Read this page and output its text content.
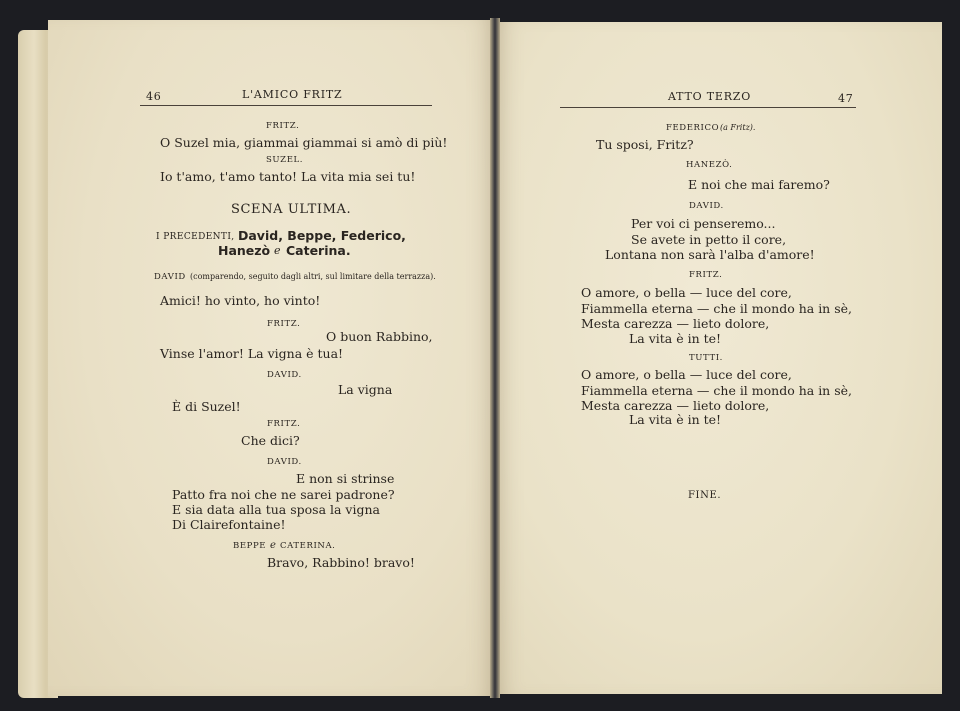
46	L'AMICO FRITZ
FRITZ.
O Suzel mia, giammai giammai si amò di più!
SUZEL.
Io t'amo, t'amo tanto! La vita mia sei tu!
SCENA ULTIMA.
I PRECEDENTI, David, Beppe, Federico,
Hanezò e Caterina.
DAVID (comparendo, seguito dagli altri, sul limitare della terrazza).
Amici! ho vinto, ho vinto!
FRITZ.
O buon Rabbino,
Vinse l'amor! La vigna è tua!
DAVID.
La vigna
È di Suzel!
FRITZ.
Che dici?
DAVID.
E non si strinse
Patto fra noi che ne sarei padrone?
E sia data alla tua sposa la vigna
Di Clairefontaine!
BEPPE e CATERINA.
Bravo, Rabbino! bravo!
ATTO TERZO	47
FEDERICO (a Fritz).
Tu sposi, Fritz?
HANEZÒ.
E noi che mai faremo?
DAVID.
Per voi ci penseremo...
Se avete in petto il core,
Lontana non sarà l'alba d'amore!
FRITZ.
O amore, o bella — luce del core,
Fiammella eterna — che il mondo ha in sè,
Mesta carezza — lieto dolore,
La vita è in te!
TUTTI.
O amore, o bella — luce del core,
Fiammella eterna — che il mondo ha in sè,
Mesta carezza — lieto dolore,
La vita è in te!
FINE.
